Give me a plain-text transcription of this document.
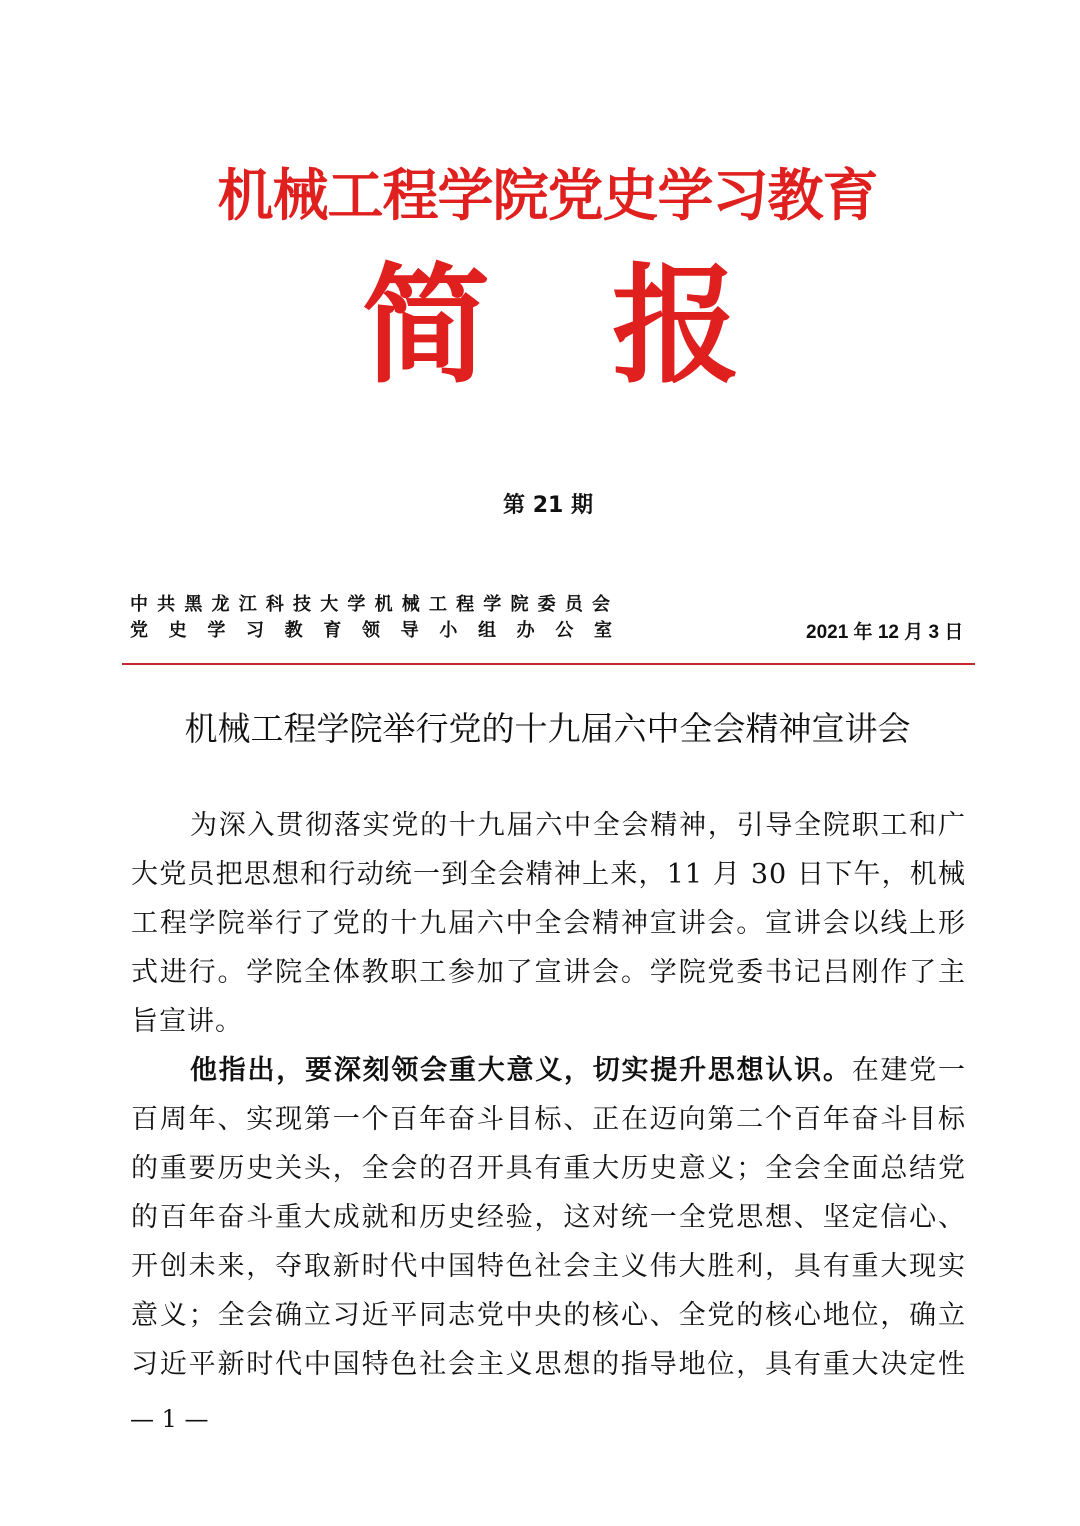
机械工程学院党史学习教育
简 报
第 21 期
中共黑龙江科技大学机械工程学院委员会
党史学习教育领导小组办公室	2021 年 12 月 3 日
机械工程学院举行党的十九届六中全会精神宣讲会
为深入贯彻落实党的十九届六中全会精神，引导全院职工和广
大党员把思想和行动统一到全会精神上来，11 月 30 日下午，机械
工程学院举行了党的十九届六中全会精神宣讲会。宣讲会以线上形
式进行。学院全体教职工参加了宣讲会。学院党委书记吕刚作了主
旨宣讲。
他指出，要深刻领会重大意义，切实提升思想认识。在建党一
百周年、实现第一个百年奋斗目标、正在迈向第二个百年奋斗目标
的重要历史关头，全会的召开具有重大历史意义；全会全面总结党
的百年奋斗重大成就和历史经验，这对统一全党思想、坚定信心、
开创未来，夺取新时代中国特色社会主义伟大胜利，具有重大现实
意义；全会确立习近平同志党中央的核心、全党的核心地位，确立
习近平新时代中国特色社会主义思想的指导地位，具有重大决定性
— 1 —
